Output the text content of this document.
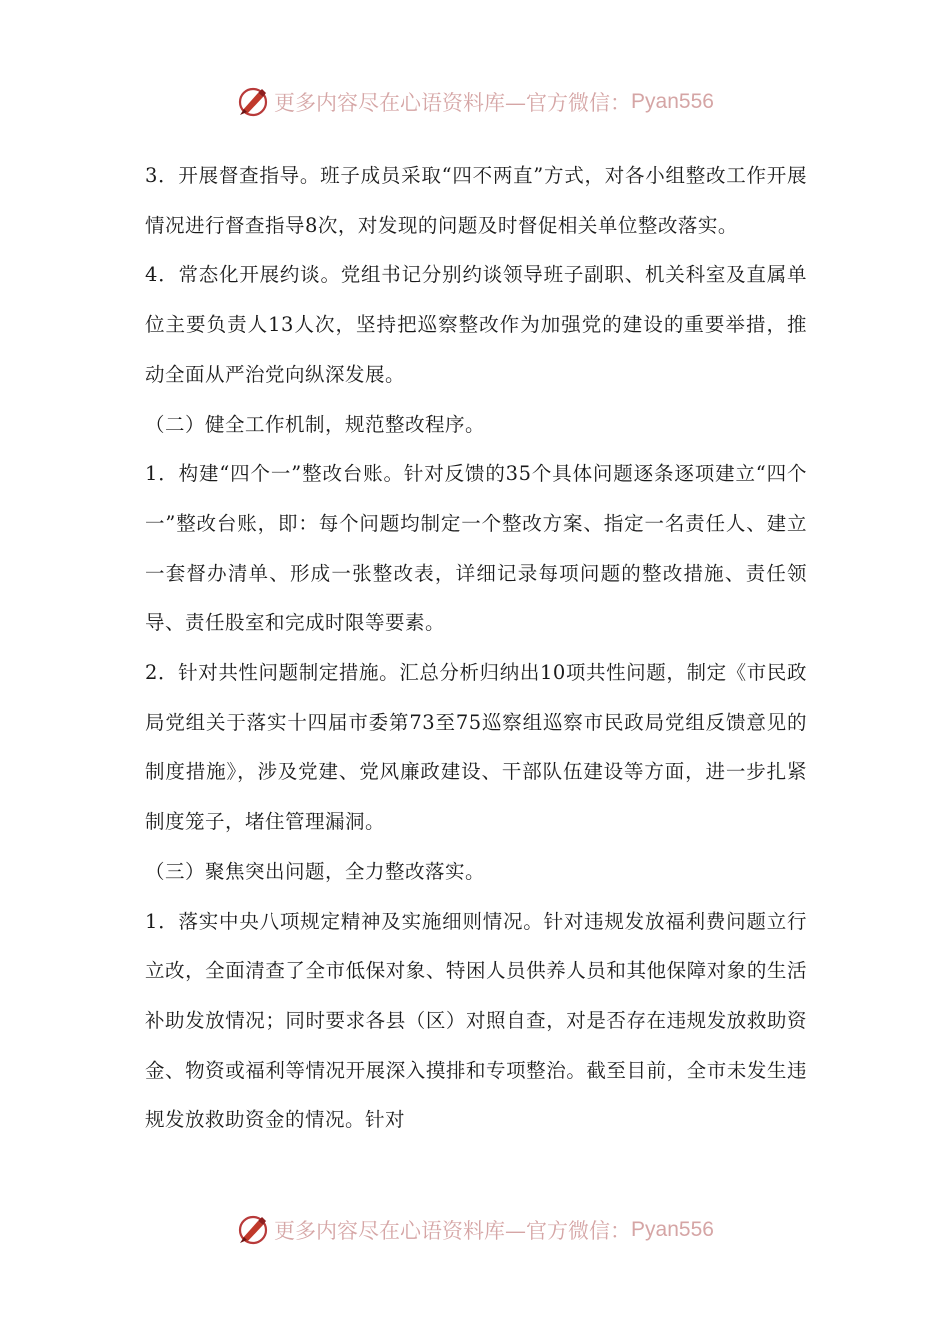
更多内容尽在心语资料库—官方微信： Pyan556

3．开展督查指导。班子成员采取“四不两直”方式，对各小组整改工作开展情况进行督查指导8次，对发现的问题及时督促相关单位整改落实。

4．常态化开展约谈。党组书记分别约谈领导班子副职、机关科室及直属单位主要负责人13人次，坚持把巡察整改作为加强党的建设的重要举措，推动全面从严治党向纵深发展。

（二）健全工作机制，规范整改程序。

1．构建“四个一”整改台账。针对反馈的35个具体问题逐条逐项建立“四个一”整改台账，即：每个问题均制定一个整改方案、指定一名责任人、建立一套督办清单、形成一张整改表，详细记录每项问题的整改措施、责任领导、责任股室和完成时限等要素。

2．针对共性问题制定措施。汇总分析归纳出10项共性问题，制定《市民政局党组关于落实十四届市委第73至75巡察组巡察市民政局党组反馈意见的制度措施》，涉及党建、党风廉政建设、干部队伍建设等方面，进一步扎紧制度笼子，堵住管理漏洞。

（三）聚焦突出问题，全力整改落实。

1．落实中央八项规定精神及实施细则情况。针对违规发放福利费问题立行立改，全面清查了全市低保对象、特困人员供养人员和其他保障对象的生活补助发放情况；同时要求各县（区）对照自查，对是否存在违规发放救助资金、物资或福利等情况开展深入摸排和专项整治。截至目前，全市未发生违规发放救助资金的情况。针对

更多内容尽在心语资料库—官方微信： Pyan556
